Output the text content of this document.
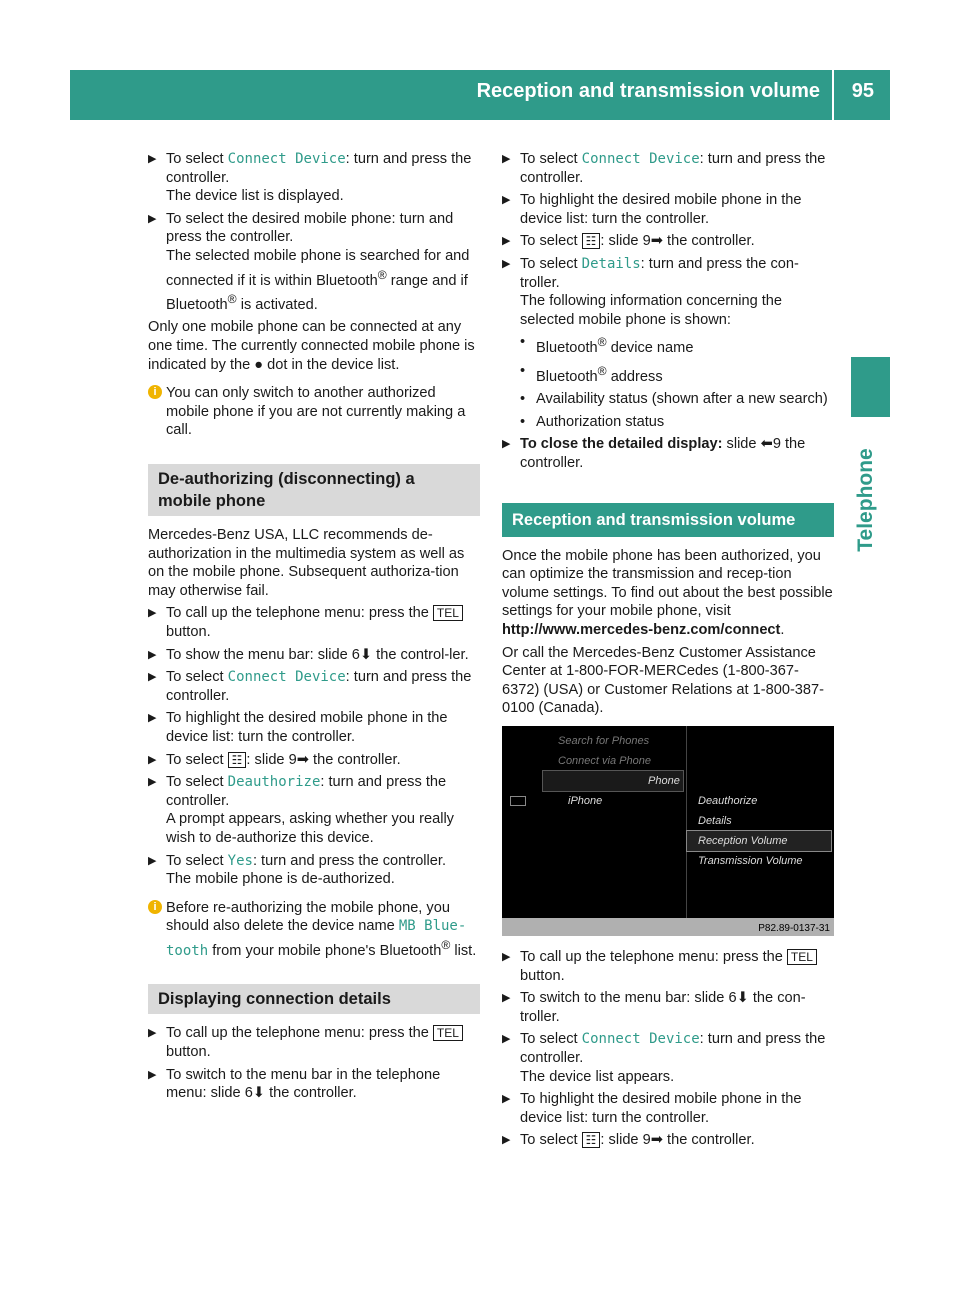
Reception and transmission volume 95
Telephone
▶ To select Connect Device: turn and press the controller.
The device list is displayed.
▶ To select the desired mobile phone: turn and press the controller.
The selected mobile phone is searched for and connected if it is within Bluetooth® range and if Bluetooth® is activated.
Only one mobile phone can be connected at any one time. The currently connected mobile phone is indicated by the ● dot in the device list.
i You can only switch to another authorized mobile phone if you are not currently making a call.
De-authorizing (disconnecting) a mobile phone
Mercedes-Benz USA, LLC recommends de-authorization in the multimedia system as well as on the mobile phone. Subsequent authoriza-tion may otherwise fail.
▶ To call up the telephone menu: press the TEL button.
▶ To show the menu bar: slide 6⬇ the control-ler.
▶ To select Connect Device: turn and press the controller.
▶ To highlight the desired mobile phone in the device list: turn the controller.
▶ To select ☷ : slide 9➡ the controller.
▶ To select Deauthorize: turn and press the controller.
A prompt appears, asking whether you really wish to de-authorize this device.
▶ To select Yes: turn and press the controller.
The mobile phone is de-authorized.
i Before re-authorizing the mobile phone, you should also delete the device name MB Blue- tooth from your mobile phone's Bluetooth® list.
Displaying connection details
▶ To call up the telephone menu: press the TEL button.
▶ To switch to the menu bar in the telephone menu: slide 6⬇ the controller.
▶ To select Connect Device: turn and press the controller.
▶ To highlight the desired mobile phone in the device list: turn the controller.
▶ To select ☷ : slide 9➡ the controller.
▶ To select Details: turn and press the con-troller.
The following information concerning the selected mobile phone is shown:
• Bluetooth® device name
• Bluetooth® address
• Availability status (shown after a new search)
• Authorization status
▶ To close the detailed display: slide ⬅9 the controller.
Reception and transmission volume
Once the mobile phone has been authorized, you can optimize the transmission and recep-tion volume settings. To find out about the best possible settings for your mobile phone, visit http://www.mercedes-benz.com/connect.
Or call the Mercedes-Benz Customer Assistance Center at 1-800-FOR-MERCedes (1-800-367-6372) (USA) or Customer Relations at 1-800-387-0100 (Canada).
Search for Phones
Connect via Phone
Phone
iPhone	Deauthorize
Details
Reception Volume
Transmission Volume
P82.89-0137-31
▶ To call up the telephone menu: press the TEL button.
▶ To switch to the menu bar: slide 6⬇ the con-troller.
▶ To select Connect Device: turn and press the controller.
The device list appears.
▶ To highlight the desired mobile phone in the device list: turn the controller.
▶ To select ☷ : slide 9➡ the controller.
